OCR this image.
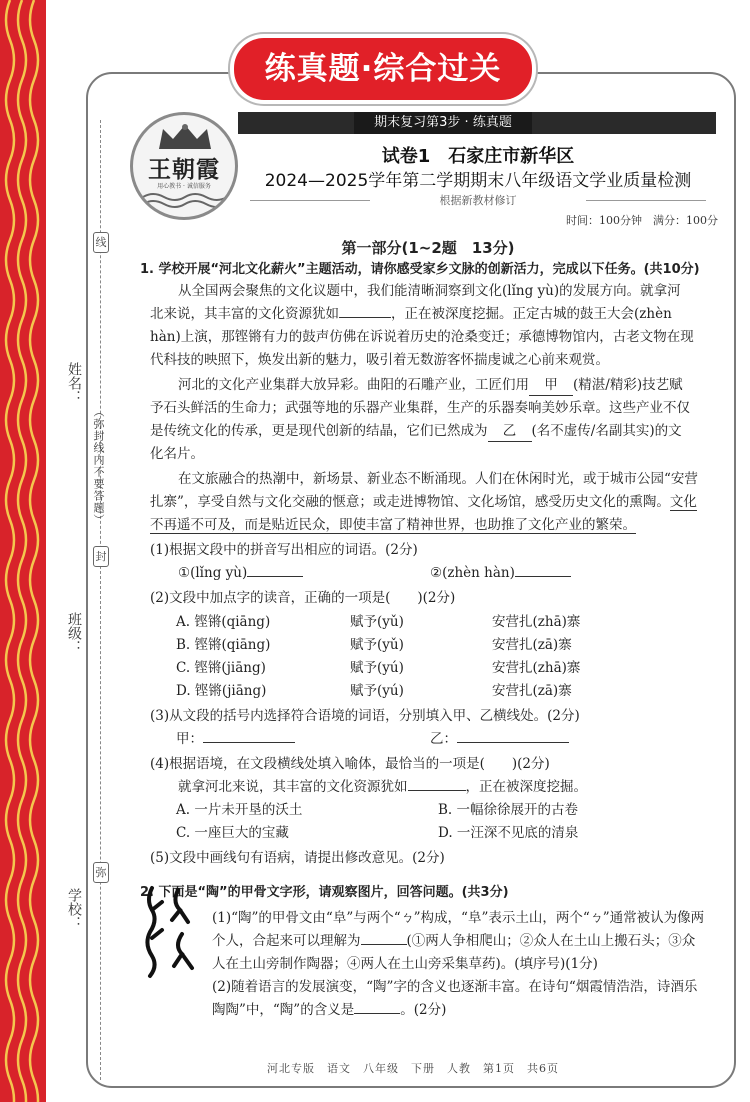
练真题·综合过关
线
封
弥
（弥封线内不要答题）
姓名：
班级：
学校：
王朝霞
用心教书 · 诚信服务
期末复习第3步 · 练真题
试卷1　石家庄市新华区
2024—2025学年第二学期期末八年级语文学业质量检测
根据新教材修订
时间：100分钟　满分：100分
第一部分(1~2题　13分)
1. 学校开展“河北文化薪火”主题活动，请你感受家乡文脉的创新活力，完成以下任务。(共10分)
从全国两会聚焦的文化议题中，我们能清晰洞察到文化(lǐng yù)的发展方向。就拿河
北来说，其丰富的文化资源犹如	，正在被深度挖掘。正定古城的鼓王大会(zhèn
hàn)上演，那铿锵有力的鼓声仿佛在诉说着历史的沧桑变迁；承德博物馆内，古老文物在现
代科技的映照下，焕发出新的魅力，吸引着无数游客怀揣虔诚之心前来观赏。
河北的文化产业集群大放异彩。曲阳的石雕产业，工匠们用 甲 (精湛/精彩)技艺赋
予石头鲜活的生命力；武强等地的乐器产业集群，生产的乐器奏响美妙乐章。这些产业不仅
是传统文化的传承，更是现代创新的结晶，它们已然成为 乙 (名不虚传/名副其实)的文
化名片。
在文旅融合的热潮中，新场景、新业态不断涌现。人们在休闲时光，或于城市公园“安营
扎寨”，享受自然与文化交融的惬意；或走进博物馆、文化场馆，感受历史文化的熏陶。文化
不再遥不可及，而是贴近民众，即使丰富了精神世界，也助推了文化产业的繁荣。
(1)根据文段中的拼音写出相应的词语。(2分)
①(lǐng yù)	②(zhèn hàn)
(2)文段中加点字的读音，正确的一项是(　　)(2分)
A. 铿锵(qiāng)	赋予(yǔ)	安营扎(zhā)寨
B. 铿锵(qiāng)	赋予(yǔ)	安营扎(zā)寨
C. 铿锵(jiāng)	赋予(yú)	安营扎(zhā)寨
D. 铿锵(jiāng)	赋予(yú)	安营扎(zā)寨
(3)从文段的括号内选择符合语境的词语，分别填入甲、乙横线处。(2分)
甲：	乙：
(4)根据语境，在文段横线处填入喻体，最恰当的一项是(　　)(2分)
就拿河北来说，其丰富的文化资源犹如	，正在被深度挖掘。
A. 一片未开垦的沃土	B. 一幅徐徐展开的古卷
C. 一座巨大的宝藏	D. 一汪深不见底的清泉
(5)文段中画线句有语病，请提出修改意见。(2分)
2. 下面是“陶”的甲骨文字形，请观察图片，回答问题。(共3分)
(1)“陶”的甲骨文由“阜”与两个“ㄅ”构成，“阜”表示土山，两个“ㄅ”通常被认为像两
个人，合起来可以理解为	(①两人争相爬山；②众人在土山上搬石头；③众
人在土山旁制作陶器；④两人在土山旁采集草药)。(填序号)(1分)
(2)随着语言的发展演变，“陶”字的含义也逐渐丰富。在诗句“烟霞情浩浩，诗酒乐
陶陶”中，“陶”的含义是	。(2分)
河北专版　语文　八年级　下册　人教　第1页　共6页
